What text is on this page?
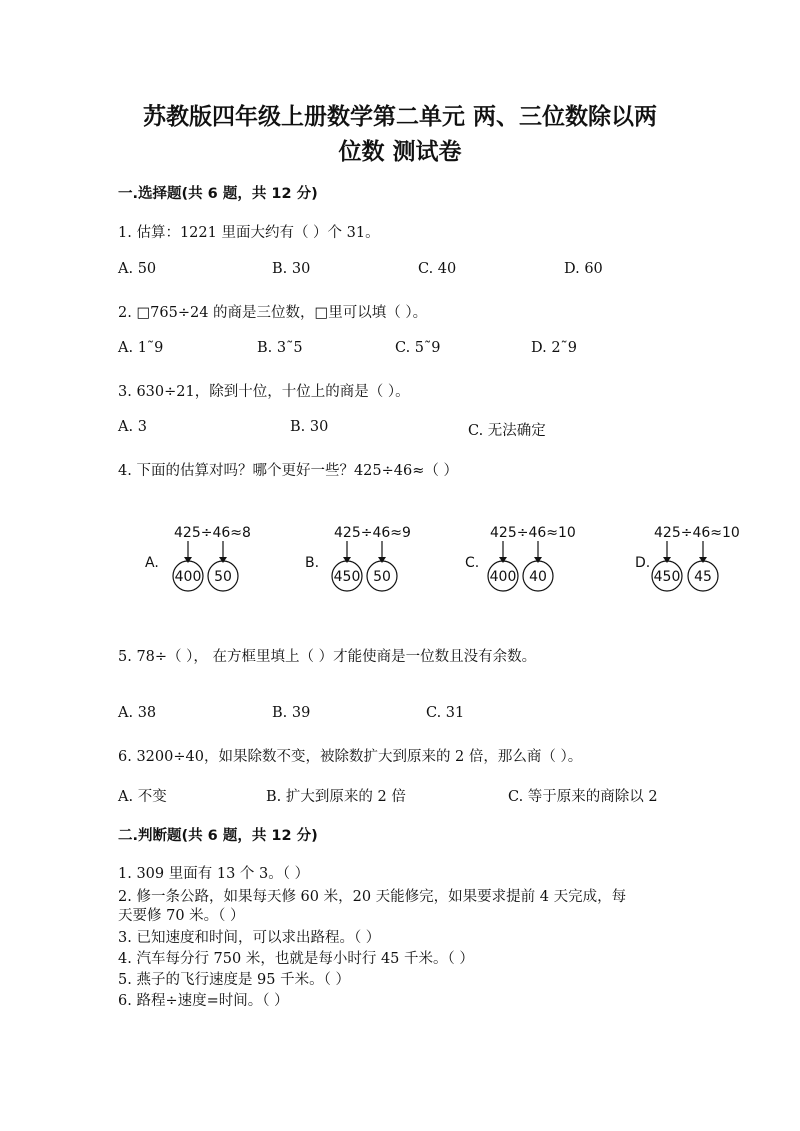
苏教版四年级上册数学第二单元 两、三位数除以两
位数 测试卷
一.选择题(共 6 题，共 12 分)
1. 估算：1221 里面大约有（ ）个 31。
A. 50	B. 30	C. 40	D. 60
2. □765÷24 的商是三位数，□里可以填（ ）。
A. 1˜9	B. 3˜5	C. 5˜9	D. 2˜9
3. 630÷21，除到十位，十位上的商是（ ）。
A. 3	B. 30	C. 无法确定
4. 下面的估算对吗？哪个更好一些？425÷46≈（ ）
A.
425÷46≈8
400 50
B.
425÷46≈9
450 50
C.
425÷46≈10
400 40
D.
425÷46≈10
450 45
5. 78÷（ ）， 在方框里填上（ ）才能使商是一位数且没有余数。
A. 38	B. 39	C. 31
6. 3200÷40，如果除数不变，被除数扩大到原来的 2 倍，那么商（ ）。
A. 不变	B. 扩大到原来的 2 倍	C. 等于原来的商除以 2
二.判断题(共 6 题，共 12 分)
1. 309 里面有 13 个 3。（ ）
2. 修一条公路，如果每天修 60 米，20 天能修完，如果要求提前 4 天完成，每
天要修 70 米。（ ）
3. 已知速度和时间，可以求出路程。（ ）
4. 汽车每分行 750 米，也就是每小时行 45 千米。（ ）
5. 燕子的飞行速度是 95 千米。（ ）
6. 路程÷速度=时间。（ ）
